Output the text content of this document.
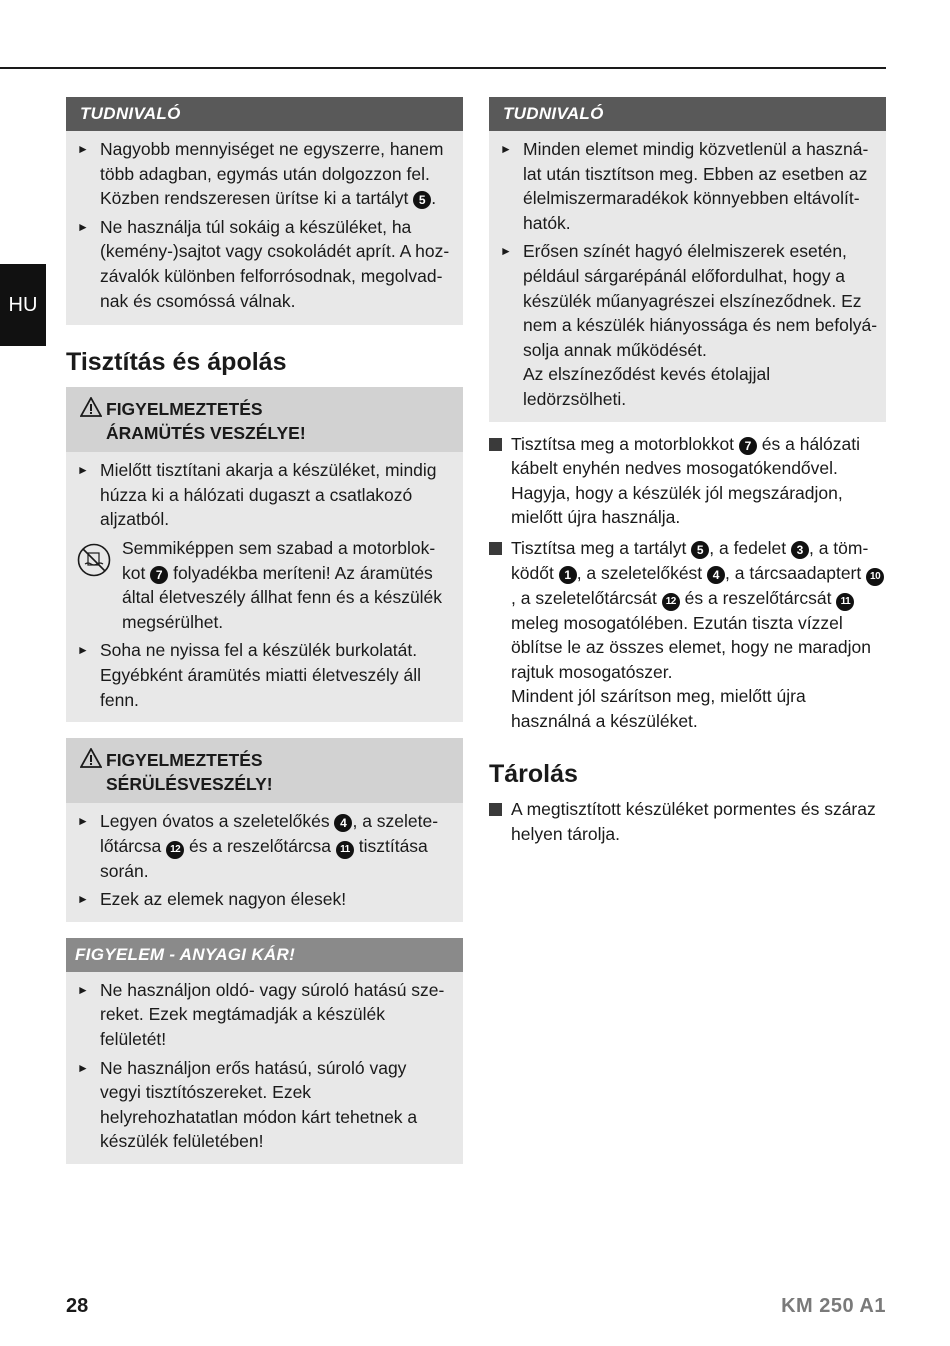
HU
TUDNIVALÓ
► Nagyobb mennyiséget ne egyszerre, hanem több adagban, egymás után dolgozzon fel. Közben rendszeresen ürítse ki a tartályt 5 .
► Ne használja túl sokáig a készüléket, ha (kemény-)sajtot vagy csokoládét aprít. A hoz-závalók különben felforrósodnak, megolvad-nak és csomóssá válnak.
Tisztítás és ápolás
FIGYELMEZTETÉS
ÁRAMÜTÉS VESZÉLYE!
► Mielőtt tisztítani akarja a készüléket, mindig húzza ki a hálózati dugaszt a csatlakozó aljzatból.
Semmiképpen sem szabad a motorblok-kot 7 folyadékba meríteni! Az áramütés által életveszély állhat fenn és a készülék megsérülhet.
► Soha ne nyissa fel a készülék burkolatát. Egyébként áramütés miatti életveszély áll fenn.
FIGYELMEZTETÉS
SÉRÜLÉSVESZÉLY!
► Legyen óvatos a szeletelőkés 4 , a szelete-lőtárcsa 12 és a reszelőtárcsa 11 tisztítása során.
► Ezek az elemek nagyon élesek!
FIGYELEM - ANYAGI KÁR!
► Ne használjon oldó- vagy súroló hatású sze-reket. Ezek megtámadják a készülék felületét!
► Ne használjon erős hatású, súroló vagy vegyi tisztítószereket. Ezek helyrehozhatatlan módon kárt tehetnek a készülék felületében!
TUDNIVALÓ
► Minden elemet mindig közvetlenül a haszná-lat után tisztítson meg. Ebben az esetben az élelmiszermaradékok könnyebben eltávolít-hatók.
► Erősen színét hagyó élelmiszerek esetén, például sárgarépánál előfordulhat, hogy a készülék műanyagrészei elszíneződnek. Ez nem a készülék hiányossága és nem befolyá-solja annak működését.
Az elszíneződést kevés étolajjal ledörzsölheti.
Tisztítsa meg a motorblokkot 7 és a hálózati kábelt enyhén nedves mosogatókendővel. Hagyja, hogy a készülék jól megszáradjon, mielőtt újra használja.
Tisztítsa meg a tartályt 5 , a fedelet 3 , a töm-ködőt 1 , a szeletelőkést 4 , a tárcsaadaptert 10, a szeletelőtárcsát 12 és a reszelőtárcsát 11 meleg mosogatólében. Ezután tiszta vízzel öblítse le az összes elemet, hogy ne maradjon rajtuk mosogatószer.
Mindent jól szárítson meg, mielőtt újra használná a készüléket.
Tárolás
A megtisztított készüléket pormentes és száraz helyen tárolja.
28	KM 250 A1
